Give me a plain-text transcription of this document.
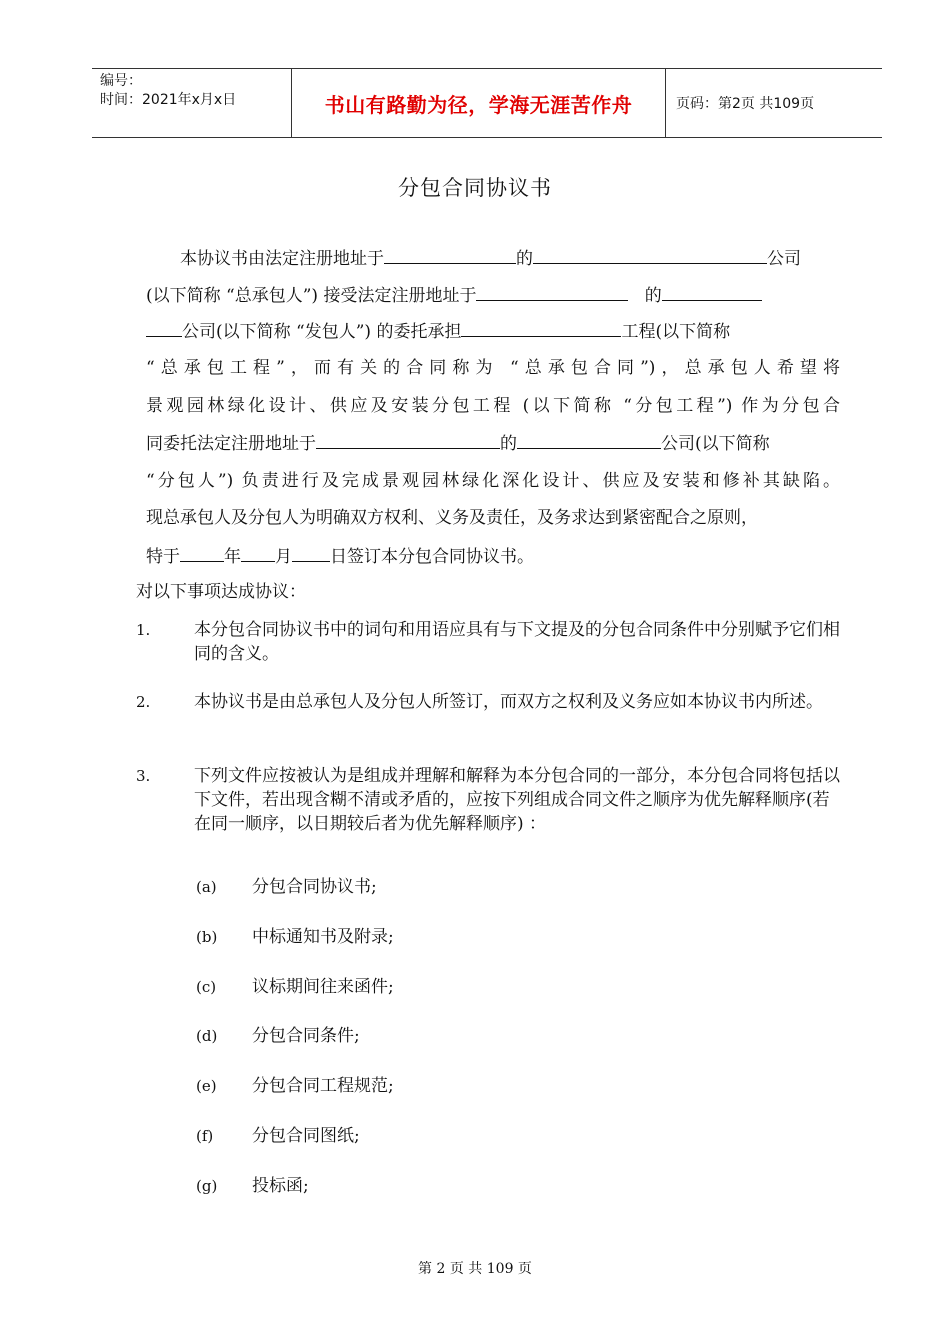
编号：
时间：2021年x月x日	书山有路勤为径，学海无涯苦作舟	页码：第2页 共109页
分包合同协议书
本协议书由法定注册地址于	的	公司
(以下简称 “总承包人”) 接受法定注册地址于	的
公司(以下简称 “发包人”) 的委托承担	工程(以下简称
“总承包工程”，而有关的合同称为 “总承包合同”)，总承包人希望将
景观园林绿化设计、供应及安装分包工程 (以下简称 “分包工程”) 作为分包合
同委托法定注册地址于	的	公司(以下简称
“分包人”) 负责进行及完成景观园林绿化深化设计、供应及安装和修补其缺陷。
现总承包人及分包人为明确双方权利、义务及责任，及务求达到紧密配合之原则，
特于	年 月 日签订本分包合同协议书。
对以下事项达成协议：
1.	本分包合同协议书中的词句和用语应具有与下文提及的分包合同条件中分别赋予它们相同的含义。
2.	本协议书是由总承包人及分包人所签订，而双方之权利及义务应如本协议书内所述。
3.	下列文件应按被认为是组成并理解和解释为本分包合同的一部分，本分包合同将包括以下文件，若出现含糊不清或矛盾的，应按下列组成合同文件之顺序为优先解释顺序(若在同一顺序，以日期较后者为优先解释顺序) ：
(a) 分包合同协议书;
(b) 中标通知书及附录;
(c) 议标期间往来函件;
(d) 分包合同条件;
(e) 分包合同工程规范;
(f) 分包合同图纸;
(g) 投标函;
第 2 页 共 109 页
